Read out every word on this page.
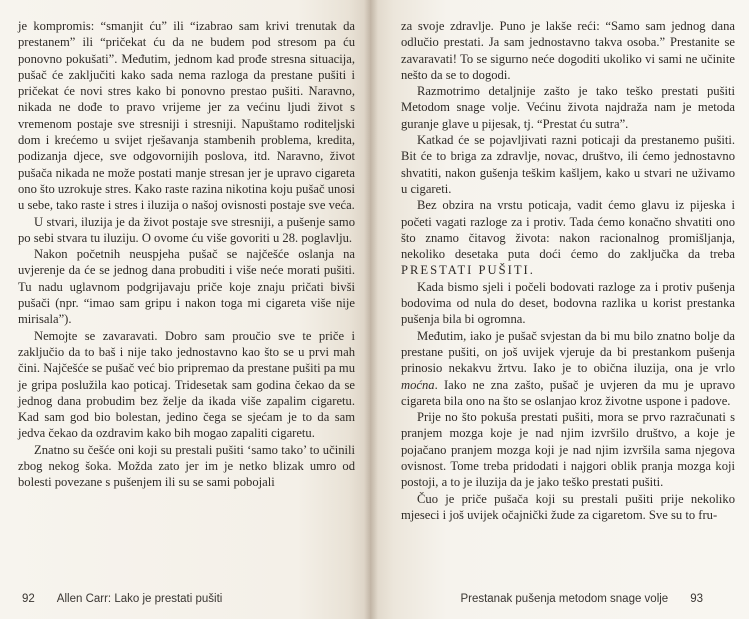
je kompromis: “smanjit ću” ili “izabrao sam krivi trenutak da prestanem” ili “pričekat ću da ne budem pod stresom pa ću ponovno pokušati”. Međutim, jednom kad prođe stresna situacija, pušač će zaključiti kako sada nema razloga da prestane pušiti i pričekat će novi stres kako bi ponovno prestao pušiti. Naravno, nikada ne dođe to pravo vrijeme jer za većinu ljudi život s vremenom postaje sve stresniji i stresniji. Napuštamo roditeljski dom i krećemo u svijet rješavanja stambenih problema, kredita, podizanja djece, sve odgovornijih poslova, itd. Naravno, život pušača nikada ne može postati manje stresan jer je upravo cigareta ono što uzrokuje stres. Kako raste razina nikotina koju pušač unosi u sebe, tako raste i stres i iluzija o našoj ovisnosti postaje sve veća.

U stvari, iluzija je da život postaje sve stresniji, a pušenje samo po sebi stvara tu iluziju. O ovome ću više govoriti u 28. poglavlju.

Nakon početnih neuspjeha pušač se najčešće oslanja na uvjerenje da će se jednog dana probuditi i više neće morati pušiti. Tu nadu uglavnom podgrijavaju priče koje znaju pričati bivši pušači (npr. “imao sam gripu i nakon toga mi cigareta više nije mirisala”).

Nemojte se zavaravati. Dobro sam proučio sve te priče i zaključio da to baš i nije tako jednostavno kao što se u prvi mah čini. Najčešće se pušač već bio pripremao da prestane pušiti pa mu je gripa poslužila kao poticaj. Tridesetak sam godina čekao da se jednog dana probudim bez želje da ikada više zapalim cigaretu. Kad sam god bio bolestan, jedino čega se sjećam je to da sam jedva čekao da ozdravim kako bih mogao zapaliti cigaretu.

Znatno su češće oni koji su prestali pušiti ‘samo tako’ to učinili zbog nekog šoka. Možda zato jer im je netko blizak umro od bolesti povezane s pušenjem ili su se sami pobojali

92 Allen Carr: Lako je prestati pušiti

za svoje zdravlje. Puno je lakše reći: “Samo sam jednog dana odlučio prestati. Ja sam jednostavno takva osoba.” Prestanite se zavaravati! To se sigurno neće dogoditi ukoliko vi sami ne učinite nešto da se to dogodi.

Razmotrimo detaljnije zašto je tako teško prestati pušiti Metodom snage volje. Većinu života najdraža nam je metoda guranje glave u pijesak, tj. “Prestat ću sutra”.

Katkad će se pojavljivati razni poticaji da prestanemo pušiti. Bit će to briga za zdravlje, novac, društvo, ili ćemo jednostavno shvatiti, nakon gušenja teškim kašljem, kako u stvari ne uživamo u cigareti.

Bez obzira na vrstu poticaja, vadit ćemo glavu iz pijeska i početi vagati razloge za i protiv. Tada ćemo konačno shvatiti ono što znamo čitavog života: nakon racionalnog promišljanja, nekoliko desetaka puta doći ćemo do zaključka da treba PRESTATI PUŠITI.

Kada bismo sjeli i počeli bodovati razloge za i protiv pušenja bodovima od nula do deset, bodovna razlika u korist prestanka pušenja bila bi ogromna.

Međutim, iako je pušač svjestan da bi mu bilo znatno bolje da prestane pušiti, on još uvijek vjeruje da bi prestankom pušenja prinosio nekakvu žrtvu. Iako je to obična iluzija, ona je vrlo moćna. Iako ne zna zašto, pušač je uvjeren da mu je upravo cigareta bila ono na što se oslanjao kroz životne uspone i padove.

Prije no što pokuša prestati pušiti, mora se prvo razračunati s pranjem mozga koje je nad njim izvršilo društvo, a koje je pojačano pranjem mozga koji je nad njim izvršila sama njegova ovisnost. Tome treba pridodati i najgori oblik pranja mozga koji postoji, a to je iluzija da je jako teško prestati pušiti.

Čuo je priče pušača koji su prestali pušiti prije nekoliko mjeseci i još uvijek očajnički žude za cigaretom. Sve su to fru-

Prestanak pušenja metodom snage volje 93
